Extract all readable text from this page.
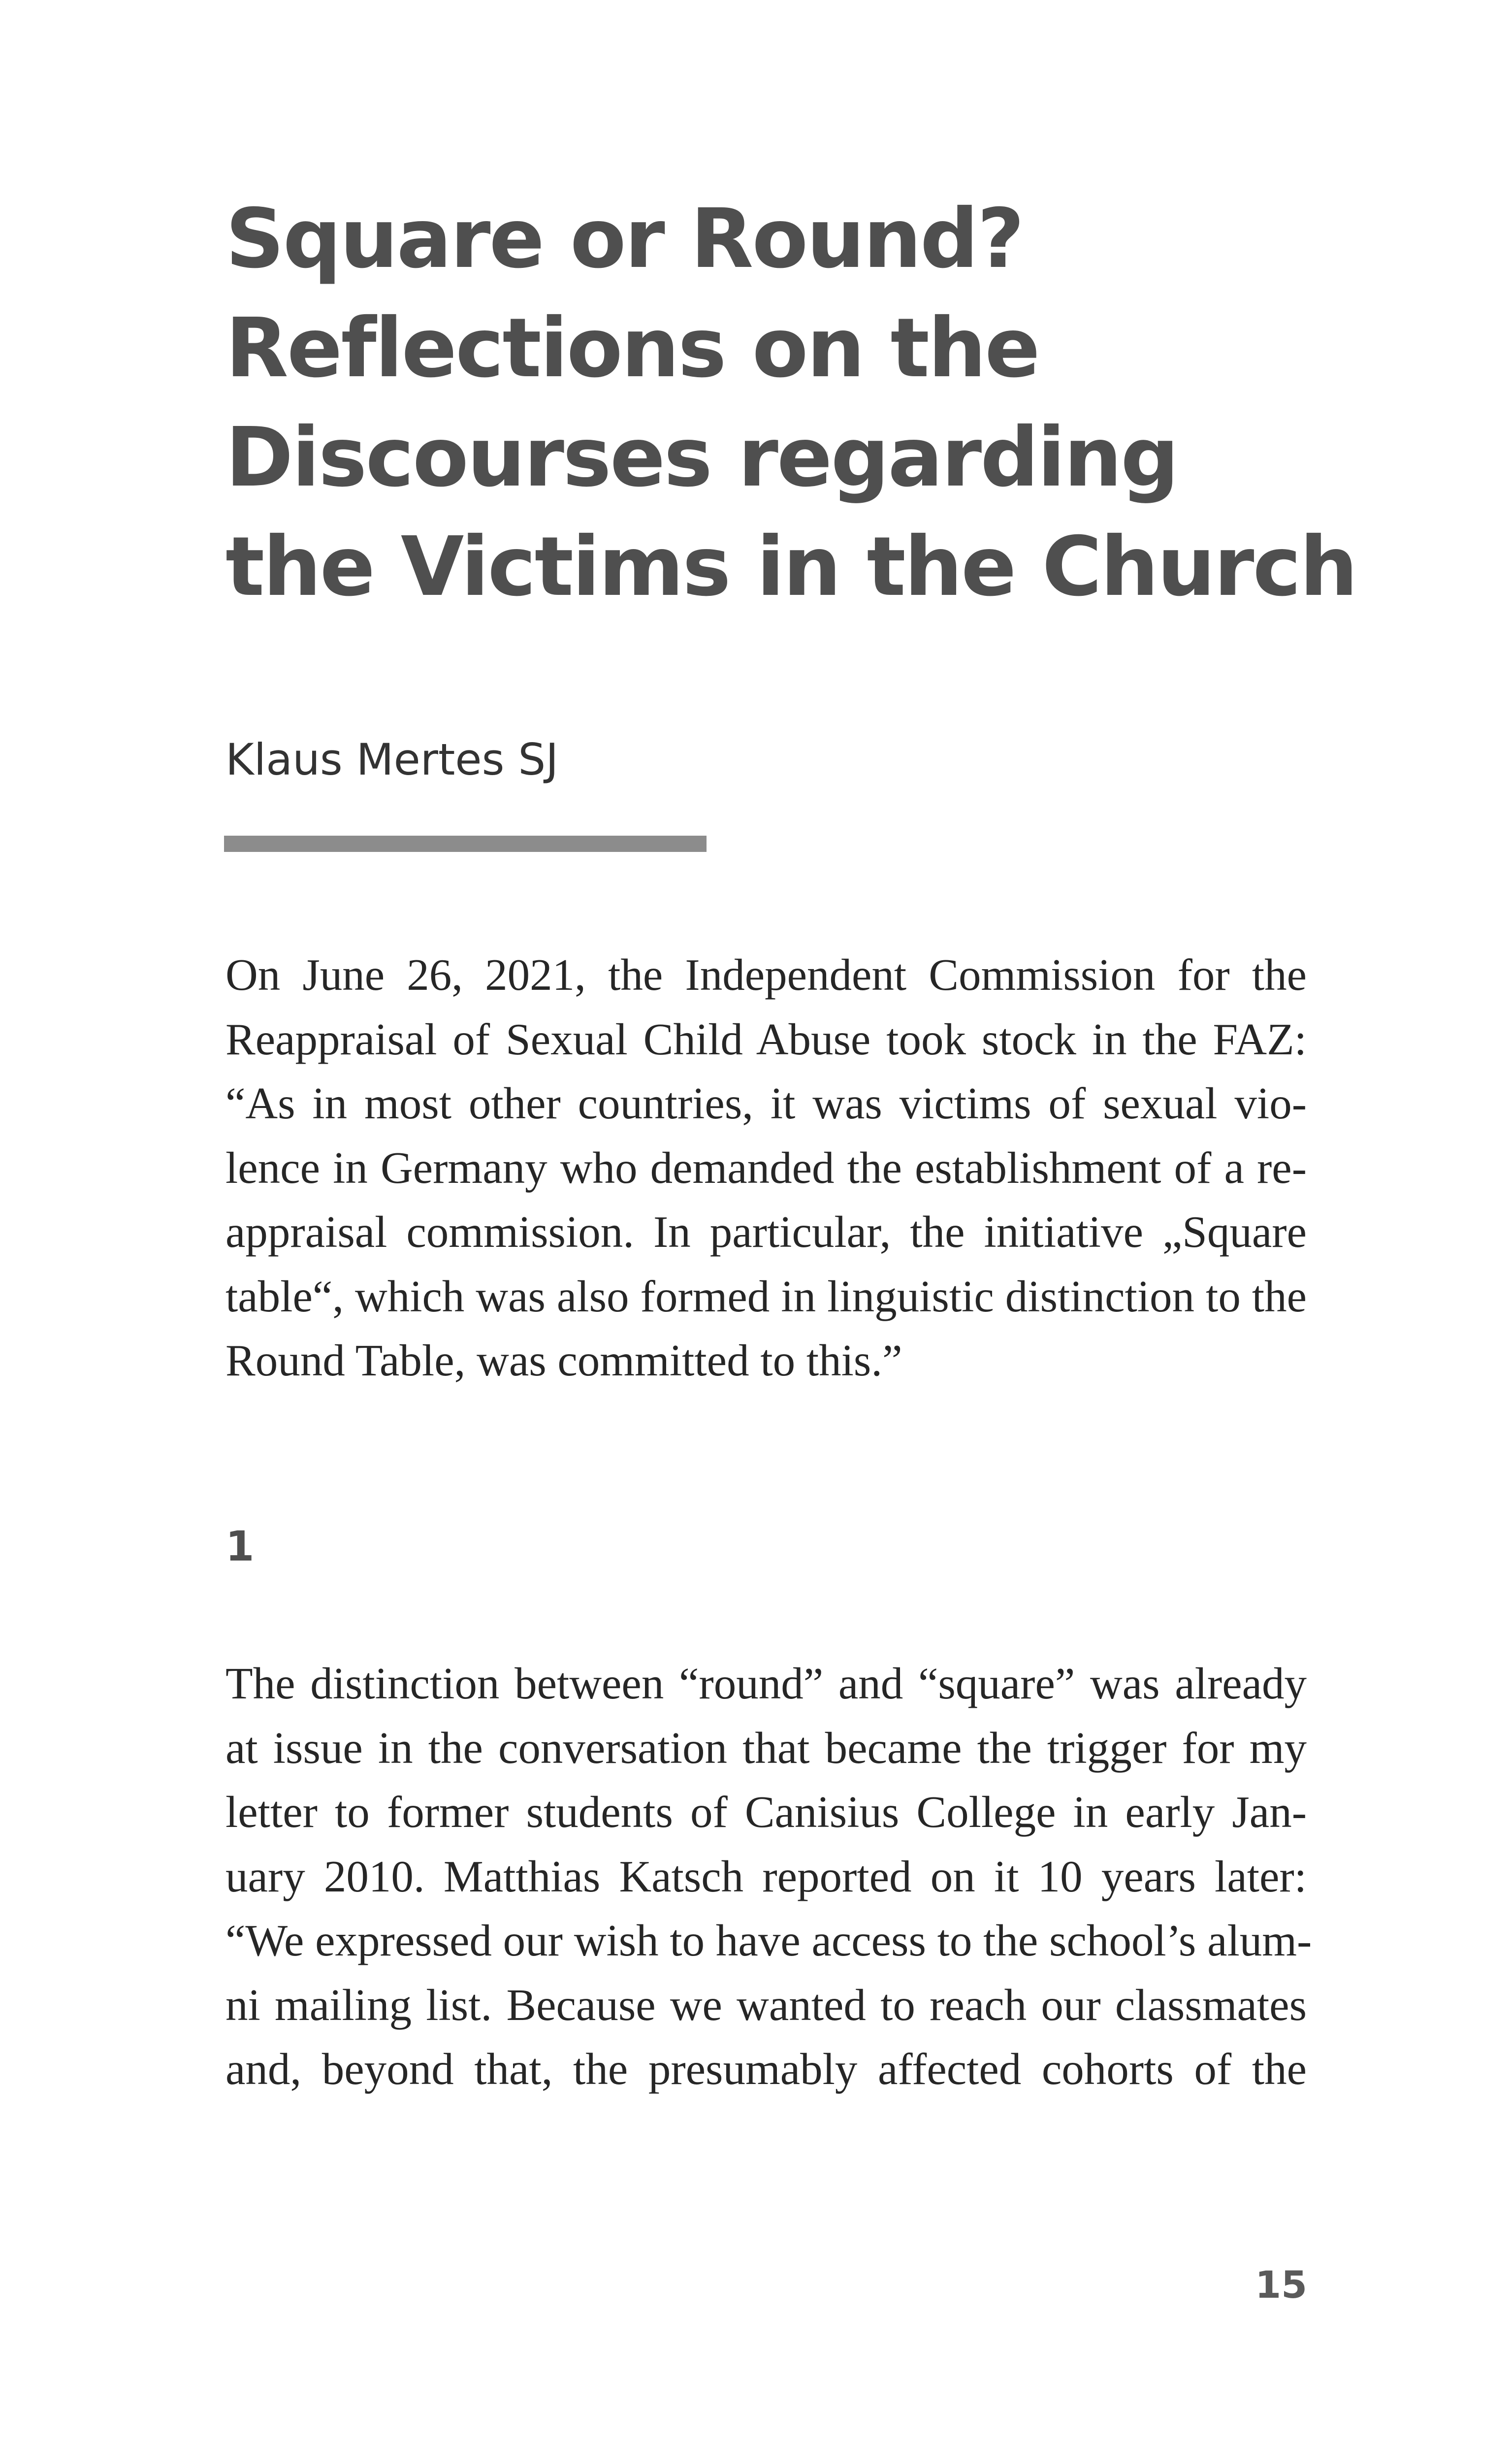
Square or Round?
Reflections on the
Discourses regarding
the Victims in the Church

Klaus Mertes SJ

On June 26, 2021, the Independent Commission for the
Reappraisal of Sexual Child Abuse took stock in the FAZ:
“As in most other countries, it was victims of sexual vio-
lence in Germany who demanded the establishment of a re-
appraisal commission. In particular, the initiative „Square
table“, which was also formed in linguistic distinction to the
Round Table, was committed to this.”

1

The distinction between “round” and “square” was already
at issue in the conversation that became the trigger for my
letter to former students of Canisius College in early Jan-
uary 2010. Matthias Katsch reported on it 10 years later:
“We expressed our wish to have access to the school’s alum-
ni mailing list. Because we wanted to reach our classmates
and, beyond that, the presumably affected cohorts of the

15
